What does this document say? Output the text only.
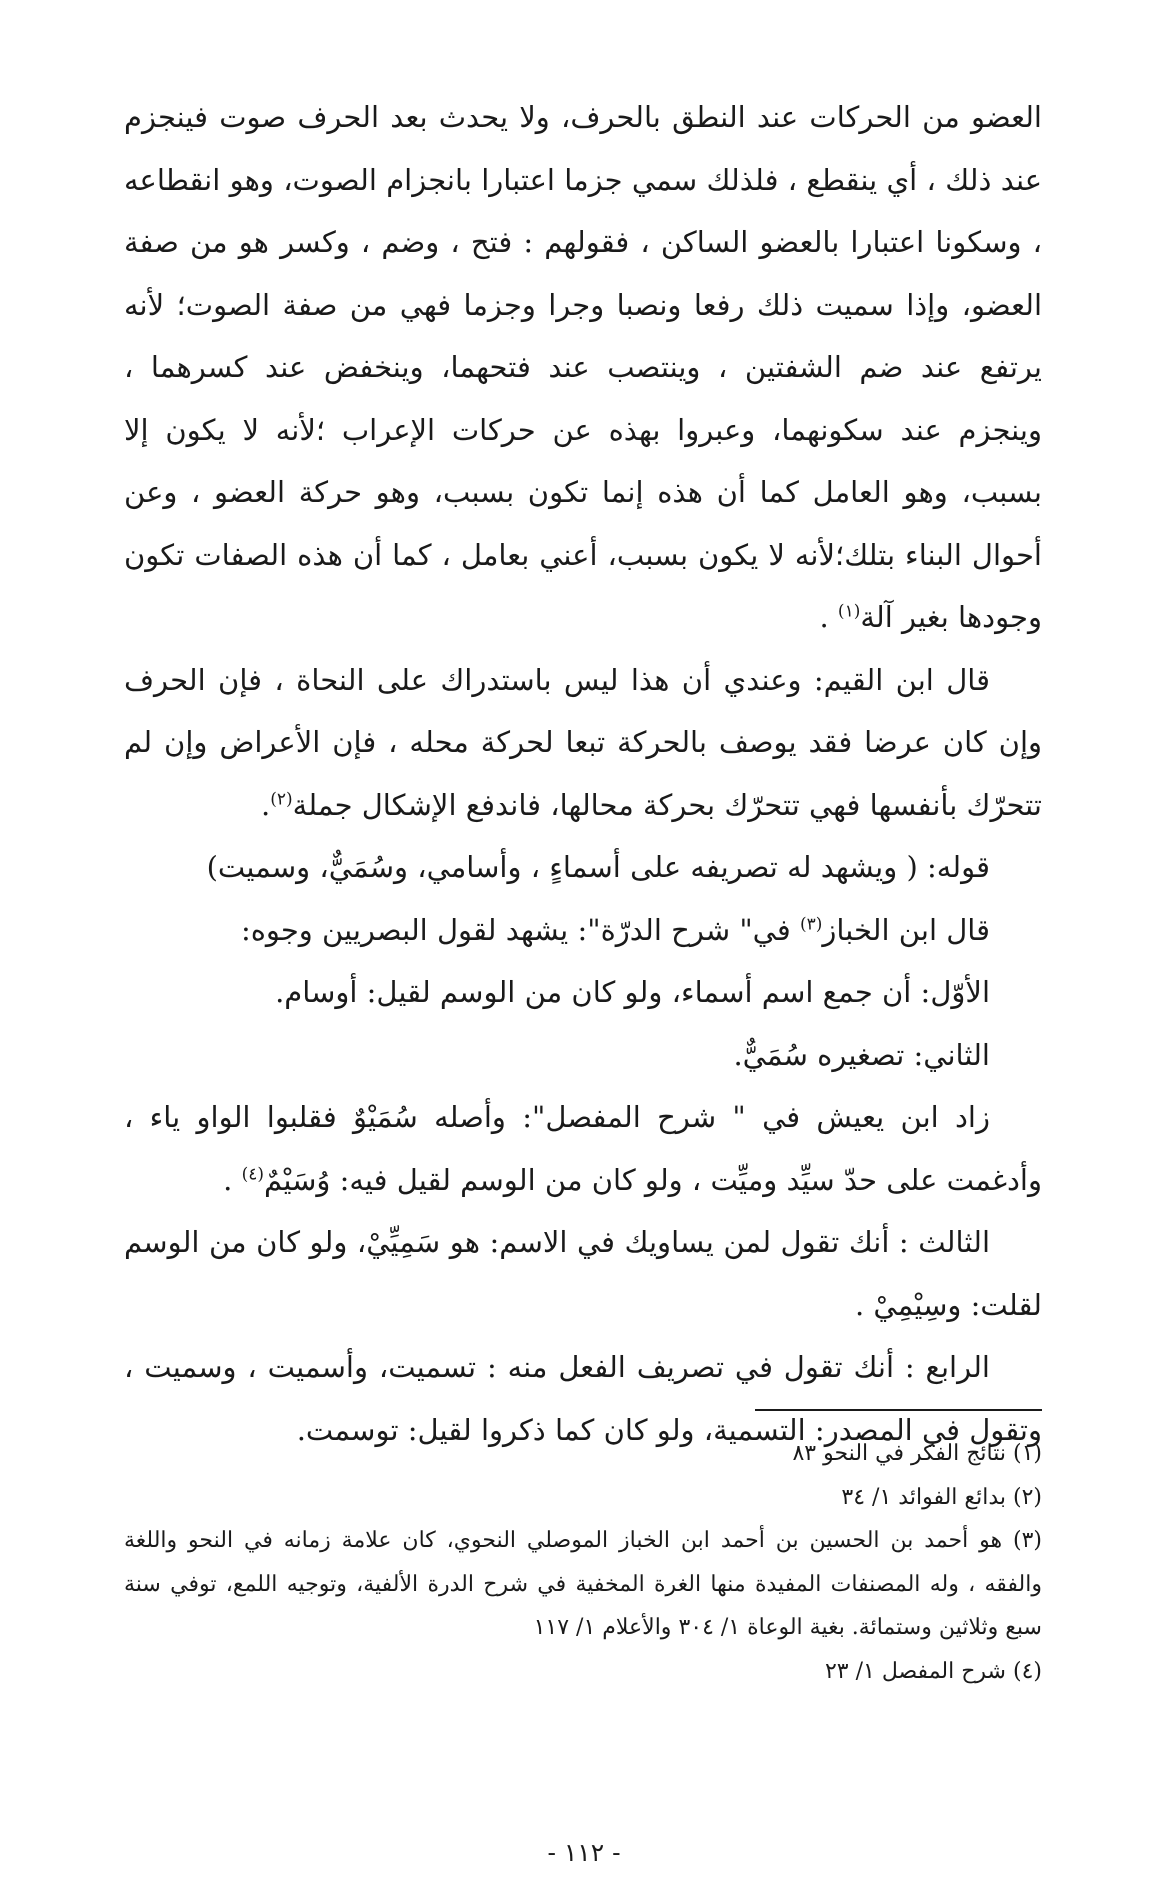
العضو من الحركات عند النطق بالحرف، ولا يحدث بعد الحرف صوت فينجزم عند ذلك ، أي ينقطع ، فلذلك سمي جزما اعتبارا بانجزام الصوت، وهو انقطاعه ، وسكونا اعتبارا بالعضو الساكن ، فقولهم : فتح ، وضم ، وكسر هو من صفة العضو، وإذا سميت ذلك رفعا ونصبا وجرا وجزما فهي من صفة الصوت؛ لأنه يرتفع عند ضم الشفتين ، وينتصب عند فتحهما، وينخفض عند كسرهما ، وينجزم عند سكونهما، وعبروا بهذه عن حركات الإعراب ؛لأنه لا يكون إلا بسبب، وهو العامل كما أن هذه إنما تكون بسبب، وهو حركة العضو ، وعن أحوال البناء بتلك؛لأنه لا يكون بسبب، أعني بعامل ، كما أن هذه الصفات تكون وجودها بغير آلة$^{(١)}$ .

قال ابن القيم: وعندي أن هذا ليس باستدراك على النحاة ، فإن الحرف وإن كان عرضا فقد يوصف بالحركة تبعا لحركة محله ، فإن الأعراض وإن لم تتحرّك بأنفسها فهي تتحرّك بحركة محالها، فاندفع الإشكال جملة$^{(٢)}$.

قوله: ( ويشهد له تصريفه على أسماءٍ ، وأسامي، وسُمَيٌّ، وسميت)

قال ابن الخباز$^{(٣)}$ في" شرح الدرّة": يشهد لقول البصريين وجوه:

الأوّل: أن جمع اسم أسماء، ولو كان من الوسم لقيل: أوسام.

الثاني: تصغيره سُمَيٌّ.

زاد ابن يعيش في " شرح المفصل": وأصله سُمَيْوٌ فقلبوا الواو ياء ، وأدغمت على حدّ سيِّد وميِّت ، ولو كان من الوسم لقيل فيه: وُسَيْمٌ$^{(٤)}$ .

الثالث : أنك تقول لمن يساويك في الاسم: هو سَمِيِّيْ، ولو كان من الوسم لقلت: وسِيْمِيْ .

الرابع : أنك تقول في تصريف الفعل منه : تسميت، وأسميت ، وسميت ، وتقول في المصدر: التسمية، ولو كان كما ذكروا لقيل: توسمت.

(١) نتائج الفكر في النحو ٨٣

(٢) بدائع الفوائد ١/ ٣٤

(٣) هو أحمد بن الحسين بن أحمد ابن الخباز الموصلي النحوي، كان علامة زمانه في النحو واللغة والفقه ، وله المصنفات المفيدة منها الغرة المخفية في شرح الدرة الألفية، وتوجيه اللمع، توفي سنة سبع وثلاثين وستمائة. بغية الوعاة ١/ ٣٠٤ والأعلام ١/ ١١٧

(٤) شرح المفصل ١/ ٢٣

- ١١٢ -
